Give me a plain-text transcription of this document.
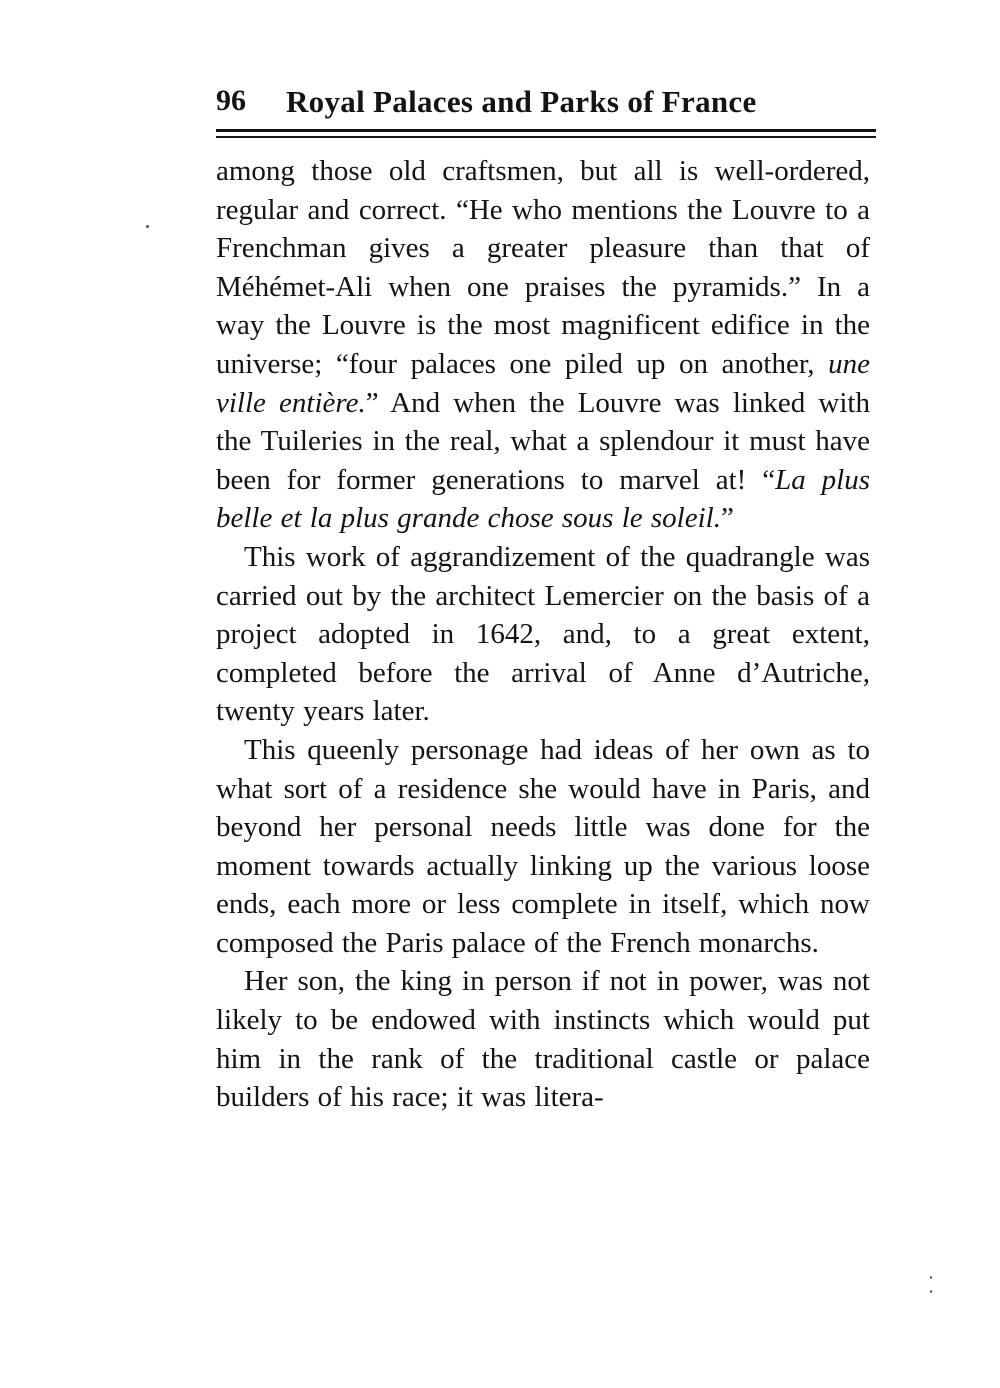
96 Royal Palaces and Parks of France

among those old craftsmen, but all is well-ordered, regular and correct. “He who mentions the Louvre to a Frenchman gives a greater pleasure than that of Méhémet-Ali when one praises the pyramids.” In a way the Louvre is the most magnificent edifice in the universe; “four palaces one piled up on another, une ville entière.” And when the Louvre was linked with the Tuileries in the real, what a splendour it must have been for former generations to marvel at! “La plus belle et la plus grande chose sous le soleil.”

This work of aggrandizement of the quadrangle was carried out by the architect Lemercier on the basis of a project adopted in 1642, and, to a great extent, completed before the arrival of Anne d’Autriche, twenty years later.

This queenly personage had ideas of her own as to what sort of a residence she would have in Paris, and beyond her personal needs little was done for the moment towards actually linking up the various loose ends, each more or less complete in itself, which now composed the Paris palace of the French monarchs.

Her son, the king in person if not in power, was not likely to be endowed with instincts which would put him in the rank of the traditional castle or palace builders of his race; it was litera-
